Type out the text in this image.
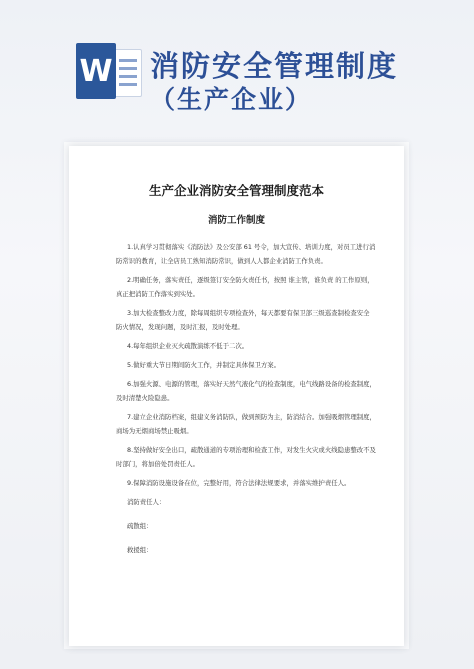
W 消防安全管理制度
（生产企业）
生产企业消防安全管理制度范本
消防工作制度
1.认真学习贯彻落实《消防法》及公安部 61 号令，加大宣传、培训力度，对员工进行消
防常识的教育，让全店员工熟知消防常识，做到人人都企业消防工作负责。
2.明确任务，落实责任，逐级签订安全防火责任书，按照 谁主管，谁负责 的工作原则，
真正把消防工作落实到实处。
3.加大检查整改力度，除每周组织专项检查外，每天都要有保卫部三级巡查制检查安全
防火情况，发现问题，及时汇报，及时处理。
4.每年组织企业灭火疏散演练不低于二次。
5.做好重大节日期间防火工作，并制定具体保卫方案。
6.加强火源、电源的管理，落实好天然气液化气的检查制度，电气线路设备的检查制度，
及时清楚火险隐患。
7.建立企业消防档案，组建义务消防队，做到预防为主，防消结合。加强吸烟管理制度，
商场为无烟商场禁止吸烟。
8.坚持做好安全出口，疏散通道的专项治理和检查工作，对发生火灾或火线隐患整改不及
时部门，将加倍处罚责任人。
9.保障消防设施设备在位，完整好用，符合法律法规要求，并落实维护责任人。
消防责任人：
疏散组：
救援组：
